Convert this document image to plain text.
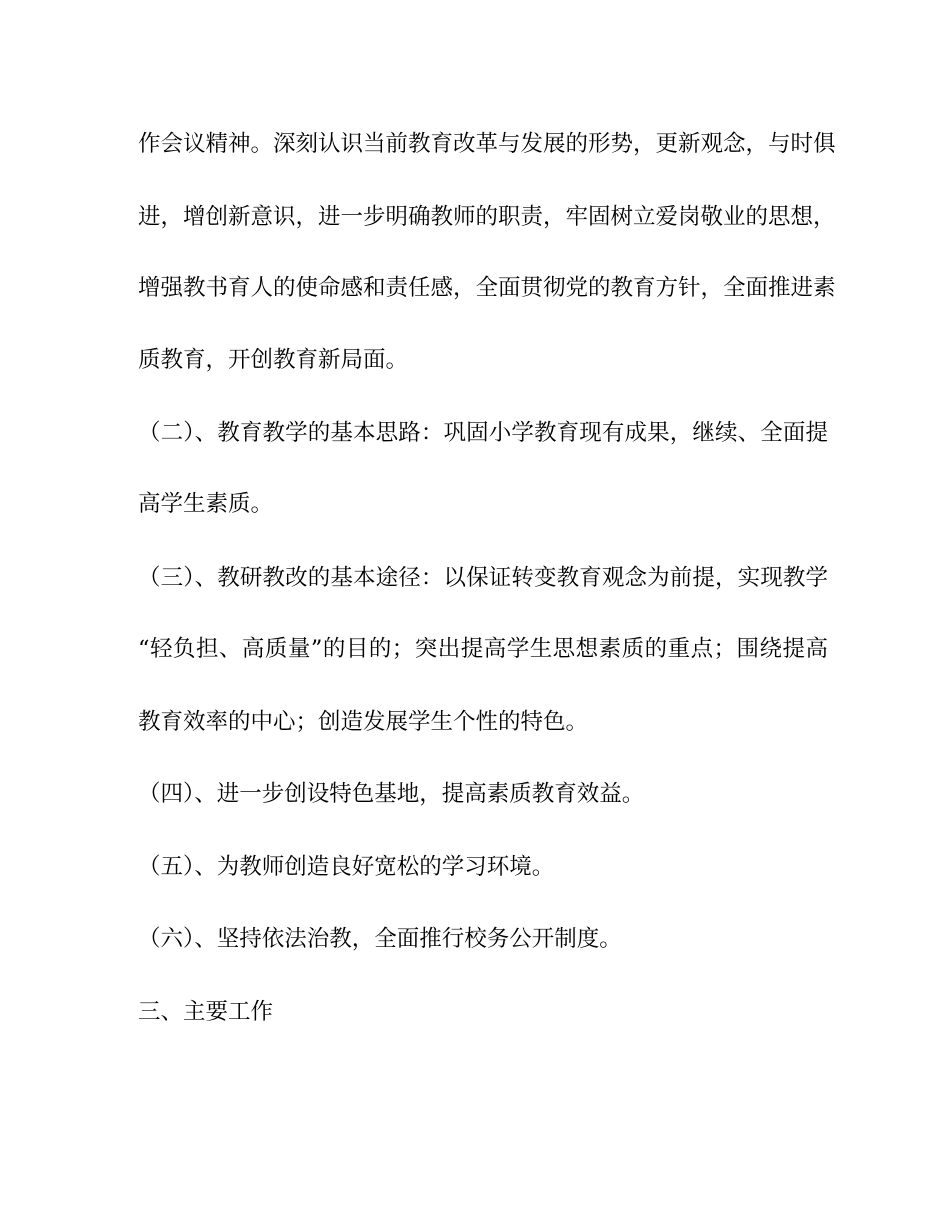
作会议精神。深刻认识当前教育改革与发展的形势，更新观念，与时俱

进，增创新意识，进一步明确教师的职责，牢固树立爱岗敬业的思想，

增强教书育人的使命感和责任感，全面贯彻党的教育方针，全面推进素

质教育，开创教育新局面。

（二）、教育教学的基本思路：巩固小学教育现有成果，继续、全面提

高学生素质。

（三）、教研教改的基本途径：以保证转变教育观念为前提，实现教学

“轻负担、高质量”的目的；突出提高学生思想素质的重点；围绕提高

教育效率的中心；创造发展学生个性的特色。

（四）、进一步创设特色基地，提高素质教育效益。

（五）、为教师创造良好宽松的学习环境。

（六）、坚持依法治教，全面推行校务公开制度。

三、主要工作
